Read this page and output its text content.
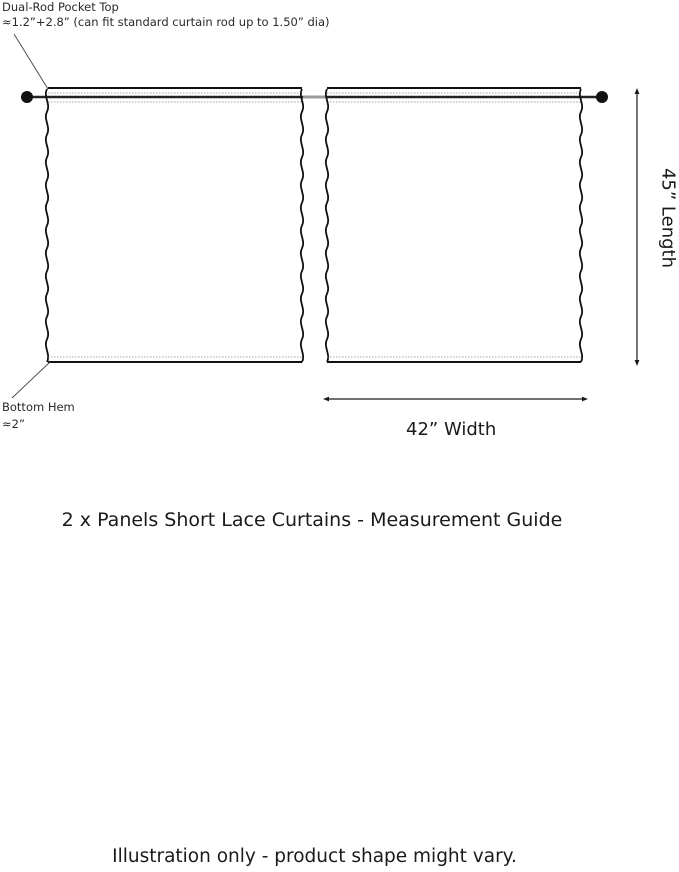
Dual-Rod Pocket Top
≈1.2”+2.8” (can fit standard curtain rod up to 1.50” dia)
Bottom Hem
≈2”	42” Width
45” Length
2 x Panels Short Lace Curtains - Measurement Guide
Illustration only - product shape might vary.
